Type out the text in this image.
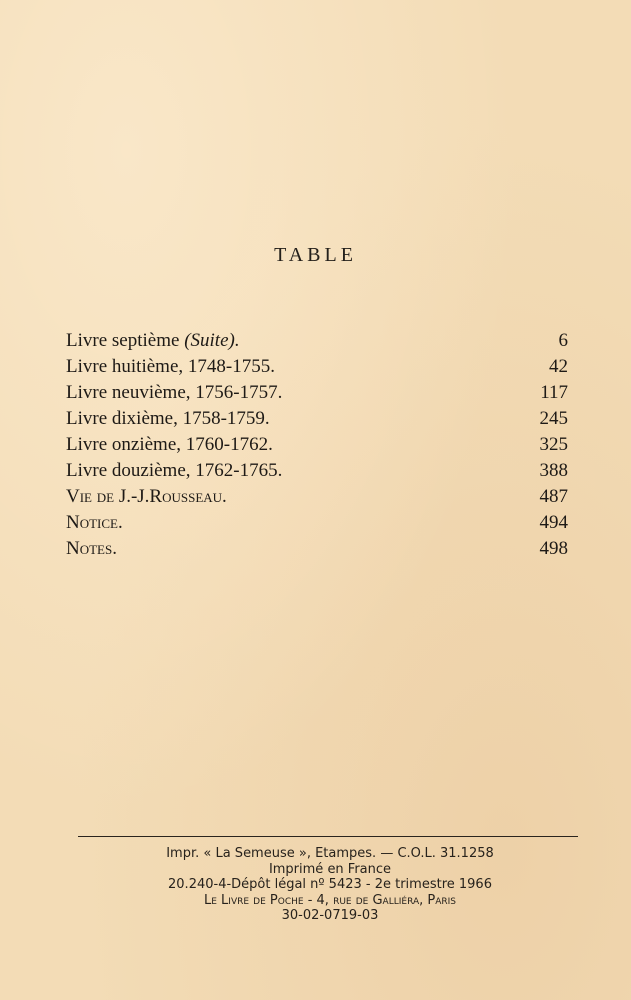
TABLE
Livre septième (Suite).	6
Livre huitième, 1748-1755.	42
Livre neuvième, 1756-1757.	117
Livre dixième, 1758-1759.	245
Livre onzième, 1760-1762.	325
Livre douzième, 1762-1765.	388
Vie de J.-J.Rousseau.	487
Notice.	494
Notes.	498
Impr. « La Semeuse », Etampes. — C.O.L. 31.1258
Imprimé en France
20.240-4-Dépôt légal nº 5423 - 2e trimestre 1966
Le Livre de Poche - 4, rue de Galliéra, Paris
30-02-0719-03
